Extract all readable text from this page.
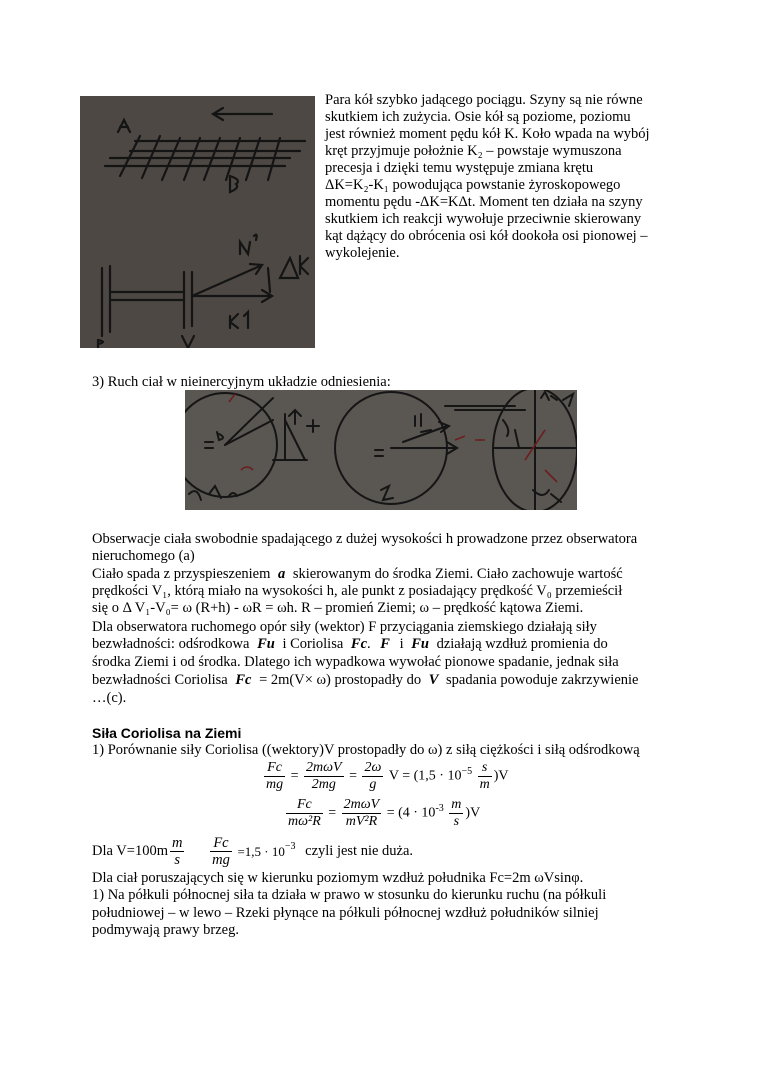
Para kół szybko jadącego pociągu. Szyny są nie równe

skutkiem ich zużycia. Osie kół są poziome, poziomu

jest również moment pędu kół K. Koło wpada na wybój

kręt przyjmuje położnie K₂ – powstaje wymuszona

precesja i dzięki temu występuje zmiana krętu

ΔK=K₂-K₁ powodująca powstanie żyroskopowego

momentu pędu -ΔK=KΔt. Moment ten działa na szyny

skutkiem ich reakcji wywołuje przeciwnie skierowany

kąt dążący do obrócenia osi kół dookoła osi pionowej –

wykolejenie.

3) Ruch ciał w nieinercyjnym układzie odniesienia:
Obserwacje ciała swobodnie spadającego z dużej wysokości h prowadzone przez obserwatora
nieruchomego (a)
Ciało spada z przyspieszeniem a skierowanym do środka Ziemi. Ciało zachowuje wartość
prędkości V₁, którą miało na wysokości h, ale punkt z posiadający prędkość V₀ przemieścił
się o Δ V₁-V₀= ω (R+h) - ωR = ωh. R – promień Ziemi; ω – prędkość kątowa Ziemi.
Dla obserwatora ruchomego opór siły (wektor) F przyciągania ziemskiego działają siły
bezwładności: odśrodkowa Fu i Coriolisa Fc. F i Fu działają wzdłuż promienia do
środka Ziemi i od środka. Dlatego ich wypadkowa wywołać pionowe spadanie, jednak siła
bezwładności Coriolisa Fc = 2m(V× ω) prostopadły do V spadania powoduje zakrzywienie
…(c).
Siła Coriolisa na Ziemi
1) Porównanie siły Coriolisa ((wektory)V prostopadły do ω) z siłą ciężkości i siłą odśrodkową
$\frac{Fc}{mg} = \frac{\text{2mωV}}{2mg} = \frac{2\omega}{g}$ $V = (1,5 \cdot 10^{-5} \frac{s}{m} )V$
$\frac{Fc}{\text{mω²R}} = \frac{\text{2mωV}}{\text{mV²R}} = (4 \cdot 10^{-3} \frac{m}{s} )V$
Dla $V=100m \frac{m}{s}$
$\frac{Fc}{mg} =1,5 \cdot 10^{-3}$ czyli jest nie duża.
Dla ciał poruszających się w kierunku poziomym wzdłuż południka Fc=2m ωVsinφ.
1) Na półkuli północnej siła ta działa w prawo w stosunku do kierunku ruchu (na półkuli
południowej – w lewo – Rzeki płynące na półkuli północnej wzdłuż południków silniej
podmywają prawy brzeg.
